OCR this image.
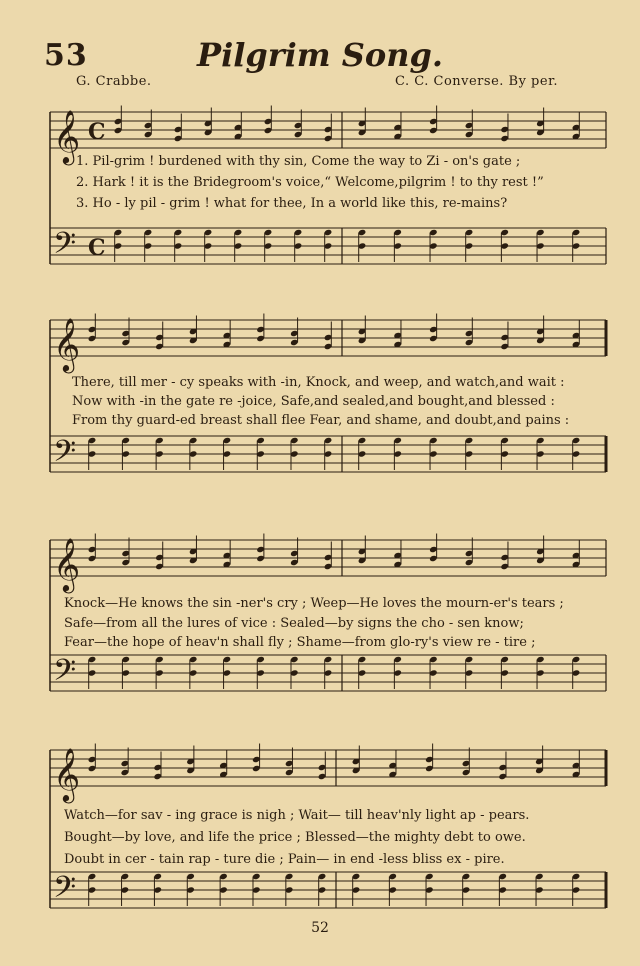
53	Pilgrim Song.
G. Crabbe.	C. C. Converse. By per.
𝄞
𝄢
C
C
𝄞
𝄢
𝄞
𝄢
𝄞
𝄢
1. Pil-grim ! burdened with thy sin, Come the way to Zi - on's gate ;
2. Hark ! it is the Bridegroom's voice,“ Welcome,pilgrim ! to thy rest !”
3. Ho - ly pil - grim ! what for thee, In a world like this, re-mains?
There, till mer - cy speaks with -in, Knock, and weep, and watch,and wait :
Now with -in the gate re -joice, Safe,and sealed,and bought,and blessed :
From thy guard-ed breast shall flee Fear, and shame, and doubt,and pains :
Knock—He knows the sin -ner's cry ; Weep—He loves the mourn-er's tears ;
Safe—from all the lures of vice : Sealed—by signs the cho - sen know;
Fear—the hope of heav'n shall fly ; Shame—from glo-ry's view re - tire ;
Watch—for sav - ing grace is nigh ; Wait— till heav'nly light ap - pears.
Bought—by love, and life the price ; Blessed—the mighty debt to owe.
Doubt in cer - tain rap - ture die ; Pain— in end -less bliss ex - pire.
52
